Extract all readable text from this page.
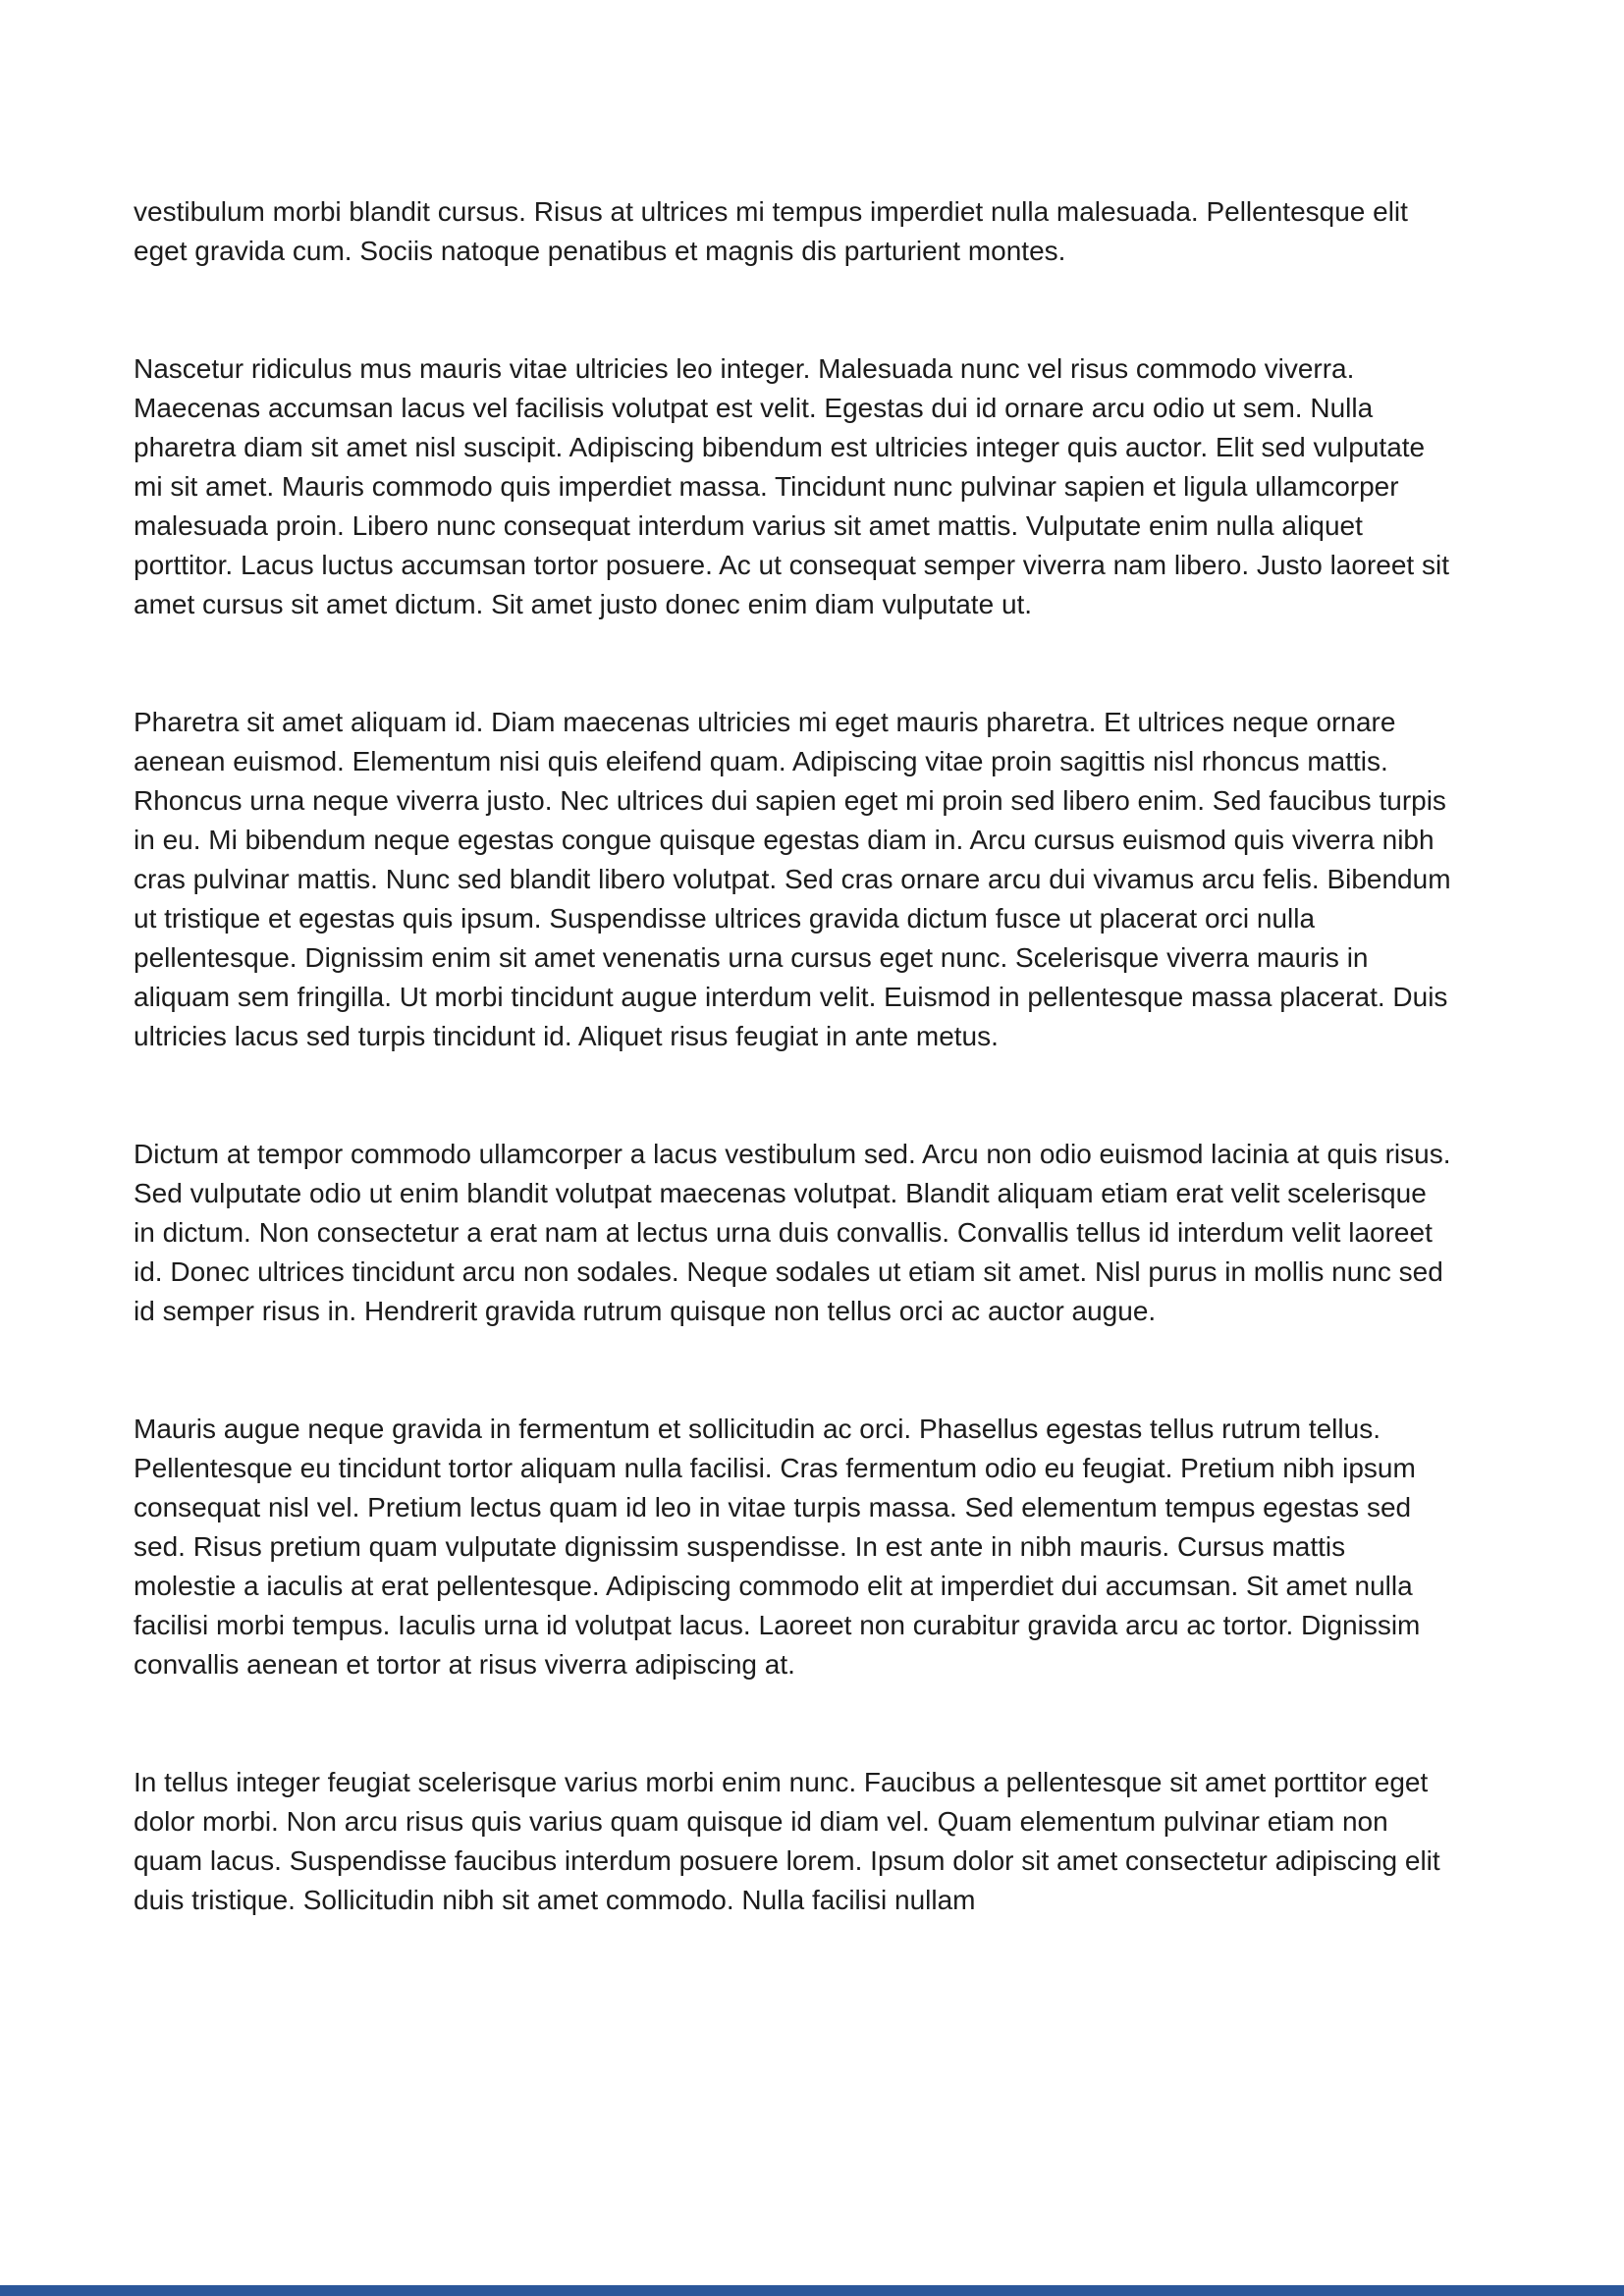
vestibulum morbi blandit cursus. Risus at ultrices mi tempus imperdiet nulla malesuada. Pellentesque elit eget gravida cum. Sociis natoque penatibus et magnis dis parturient montes.

Nascetur ridiculus mus mauris vitae ultricies leo integer. Malesuada nunc vel risus commodo viverra. Maecenas accumsan lacus vel facilisis volutpat est velit. Egestas dui id ornare arcu odio ut sem. Nulla pharetra diam sit amet nisl suscipit. Adipiscing bibendum est ultricies integer quis auctor. Elit sed vulputate mi sit amet. Mauris commodo quis imperdiet massa. Tincidunt nunc pulvinar sapien et ligula ullamcorper malesuada proin. Libero nunc consequat interdum varius sit amet mattis. Vulputate enim nulla aliquet porttitor. Lacus luctus accumsan tortor posuere. Ac ut consequat semper viverra nam libero. Justo laoreet sit amet cursus sit amet dictum. Sit amet justo donec enim diam vulputate ut.

Pharetra sit amet aliquam id. Diam maecenas ultricies mi eget mauris pharetra. Et ultrices neque ornare aenean euismod. Elementum nisi quis eleifend quam. Adipiscing vitae proin sagittis nisl rhoncus mattis. Rhoncus urna neque viverra justo. Nec ultrices dui sapien eget mi proin sed libero enim. Sed faucibus turpis in eu. Mi bibendum neque egestas congue quisque egestas diam in. Arcu cursus euismod quis viverra nibh cras pulvinar mattis. Nunc sed blandit libero volutpat. Sed cras ornare arcu dui vivamus arcu felis. Bibendum ut tristique et egestas quis ipsum. Suspendisse ultrices gravida dictum fusce ut placerat orci nulla pellentesque. Dignissim enim sit amet venenatis urna cursus eget nunc. Scelerisque viverra mauris in aliquam sem fringilla. Ut morbi tincidunt augue interdum velit. Euismod in pellentesque massa placerat. Duis ultricies lacus sed turpis tincidunt id. Aliquet risus feugiat in ante metus.

Dictum at tempor commodo ullamcorper a lacus vestibulum sed. Arcu non odio euismod lacinia at quis risus. Sed vulputate odio ut enim blandit volutpat maecenas volutpat. Blandit aliquam etiam erat velit scelerisque in dictum. Non consectetur a erat nam at lectus urna duis convallis. Convallis tellus id interdum velit laoreet id. Donec ultrices tincidunt arcu non sodales. Neque sodales ut etiam sit amet. Nisl purus in mollis nunc sed id semper risus in. Hendrerit gravida rutrum quisque non tellus orci ac auctor augue.

Mauris augue neque gravida in fermentum et sollicitudin ac orci. Phasellus egestas tellus rutrum tellus. Pellentesque eu tincidunt tortor aliquam nulla facilisi. Cras fermentum odio eu feugiat. Pretium nibh ipsum consequat nisl vel. Pretium lectus quam id leo in vitae turpis massa. Sed elementum tempus egestas sed sed. Risus pretium quam vulputate dignissim suspendisse. In est ante in nibh mauris. Cursus mattis molestie a iaculis at erat pellentesque. Adipiscing commodo elit at imperdiet dui accumsan. Sit amet nulla facilisi morbi tempus. Iaculis urna id volutpat lacus. Laoreet non curabitur gravida arcu ac tortor. Dignissim convallis aenean et tortor at risus viverra adipiscing at.

In tellus integer feugiat scelerisque varius morbi enim nunc. Faucibus a pellentesque sit amet porttitor eget dolor morbi. Non arcu risus quis varius quam quisque id diam vel. Quam elementum pulvinar etiam non quam lacus. Suspendisse faucibus interdum posuere lorem. Ipsum dolor sit amet consectetur adipiscing elit duis tristique. Sollicitudin nibh sit amet commodo. Nulla facilisi nullam
